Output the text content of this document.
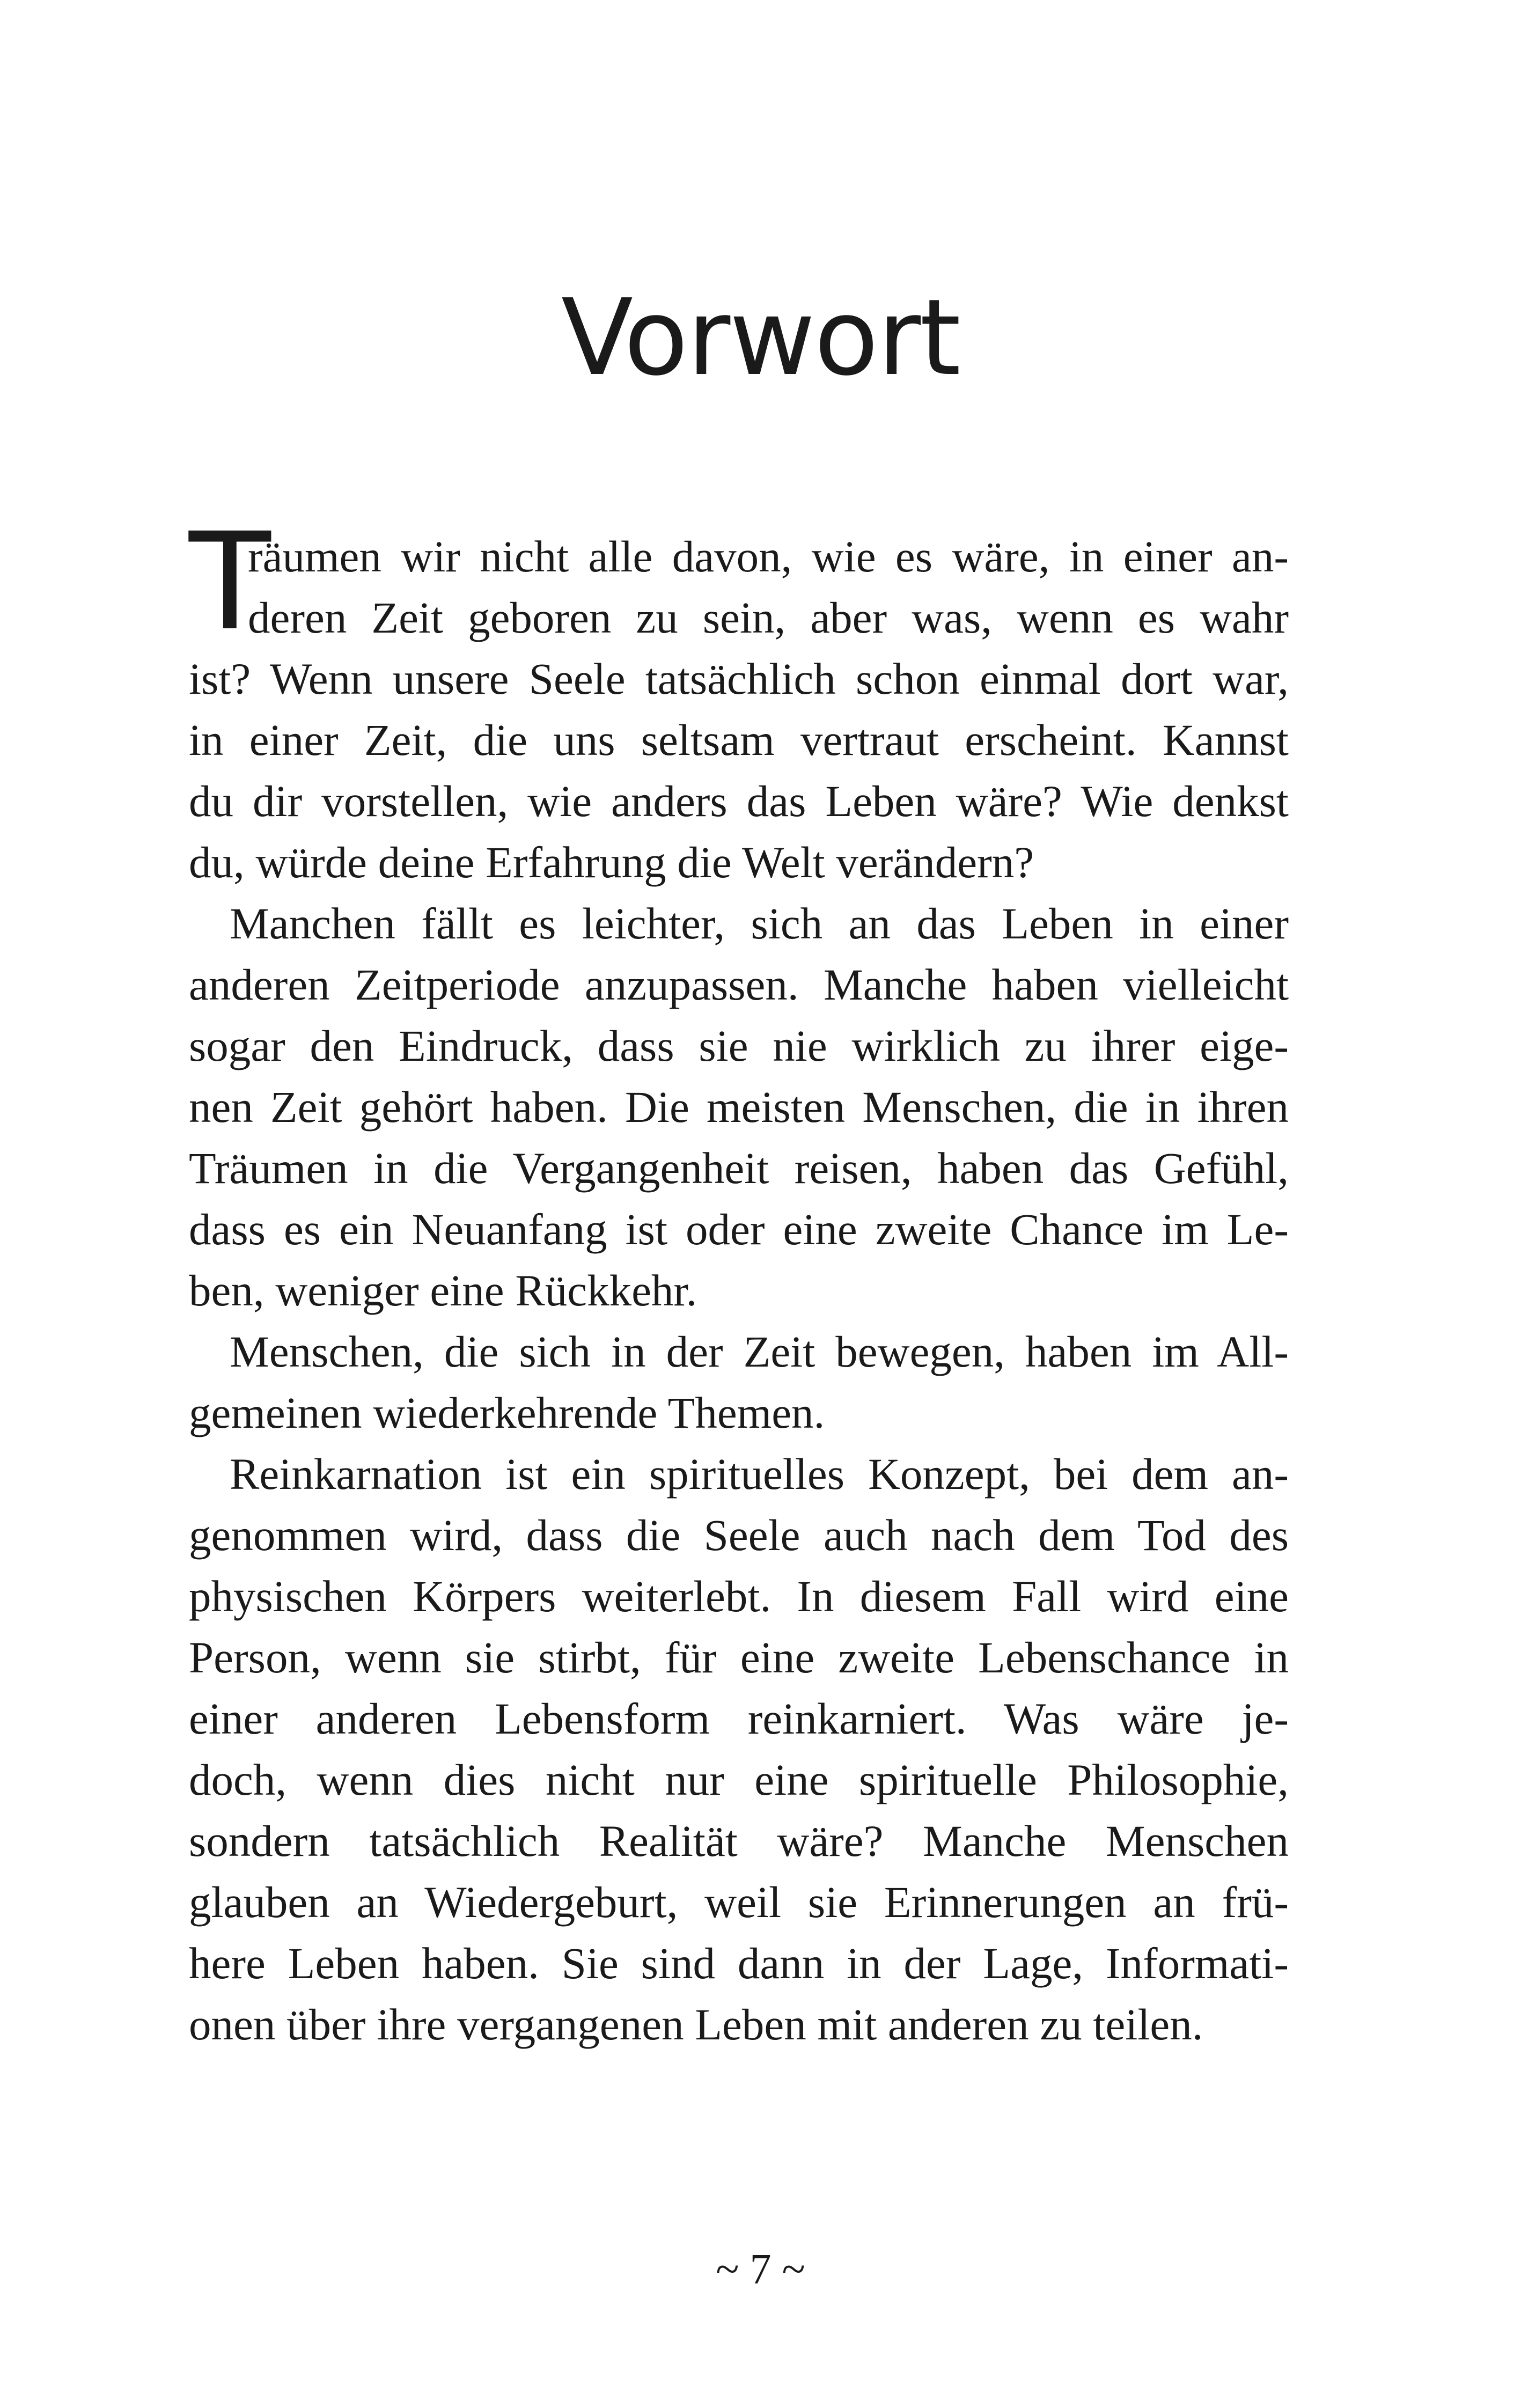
Vorwort
T
räumen wir nicht alle davon, wie es wäre, in einer an-
deren Zeit geboren zu sein, aber was, wenn es wahr
ist? Wenn unsere Seele tatsächlich schon einmal dort war,
in einer Zeit, die uns seltsam vertraut erscheint. Kannst
du dir vorstellen, wie anders das Leben wäre? Wie denkst
du, würde deine Erfahrung die Welt verändern?
Manchen fällt es leichter, sich an das Leben in einer
anderen Zeitperiode anzupassen. Manche haben vielleicht
sogar den Eindruck, dass sie nie wirklich zu ihrer eige-
nen Zeit gehört haben. Die meisten Menschen, die in ihren
Träumen in die Vergangenheit reisen, haben das Gefühl,
dass es ein Neuanfang ist oder eine zweite Chance im Le-
ben, weniger eine Rückkehr.
Menschen, die sich in der Zeit bewegen, haben im All-
gemeinen wiederkehrende Themen.
Reinkarnation ist ein spirituelles Konzept, bei dem an-
genommen wird, dass die Seele auch nach dem Tod des
physischen Körpers weiterlebt. In diesem Fall wird eine
Person, wenn sie stirbt, für eine zweite Lebenschance in
einer anderen Lebensform reinkarniert. Was wäre je-
doch, wenn dies nicht nur eine spirituelle Philosophie,
sondern tatsächlich Realität wäre? Manche Menschen
glauben an Wiedergeburt, weil sie Erinnerungen an frü-
here Leben haben. Sie sind dann in der Lage, Informati-
onen über ihre vergangenen Leben mit anderen zu teilen.
~ 7 ~
